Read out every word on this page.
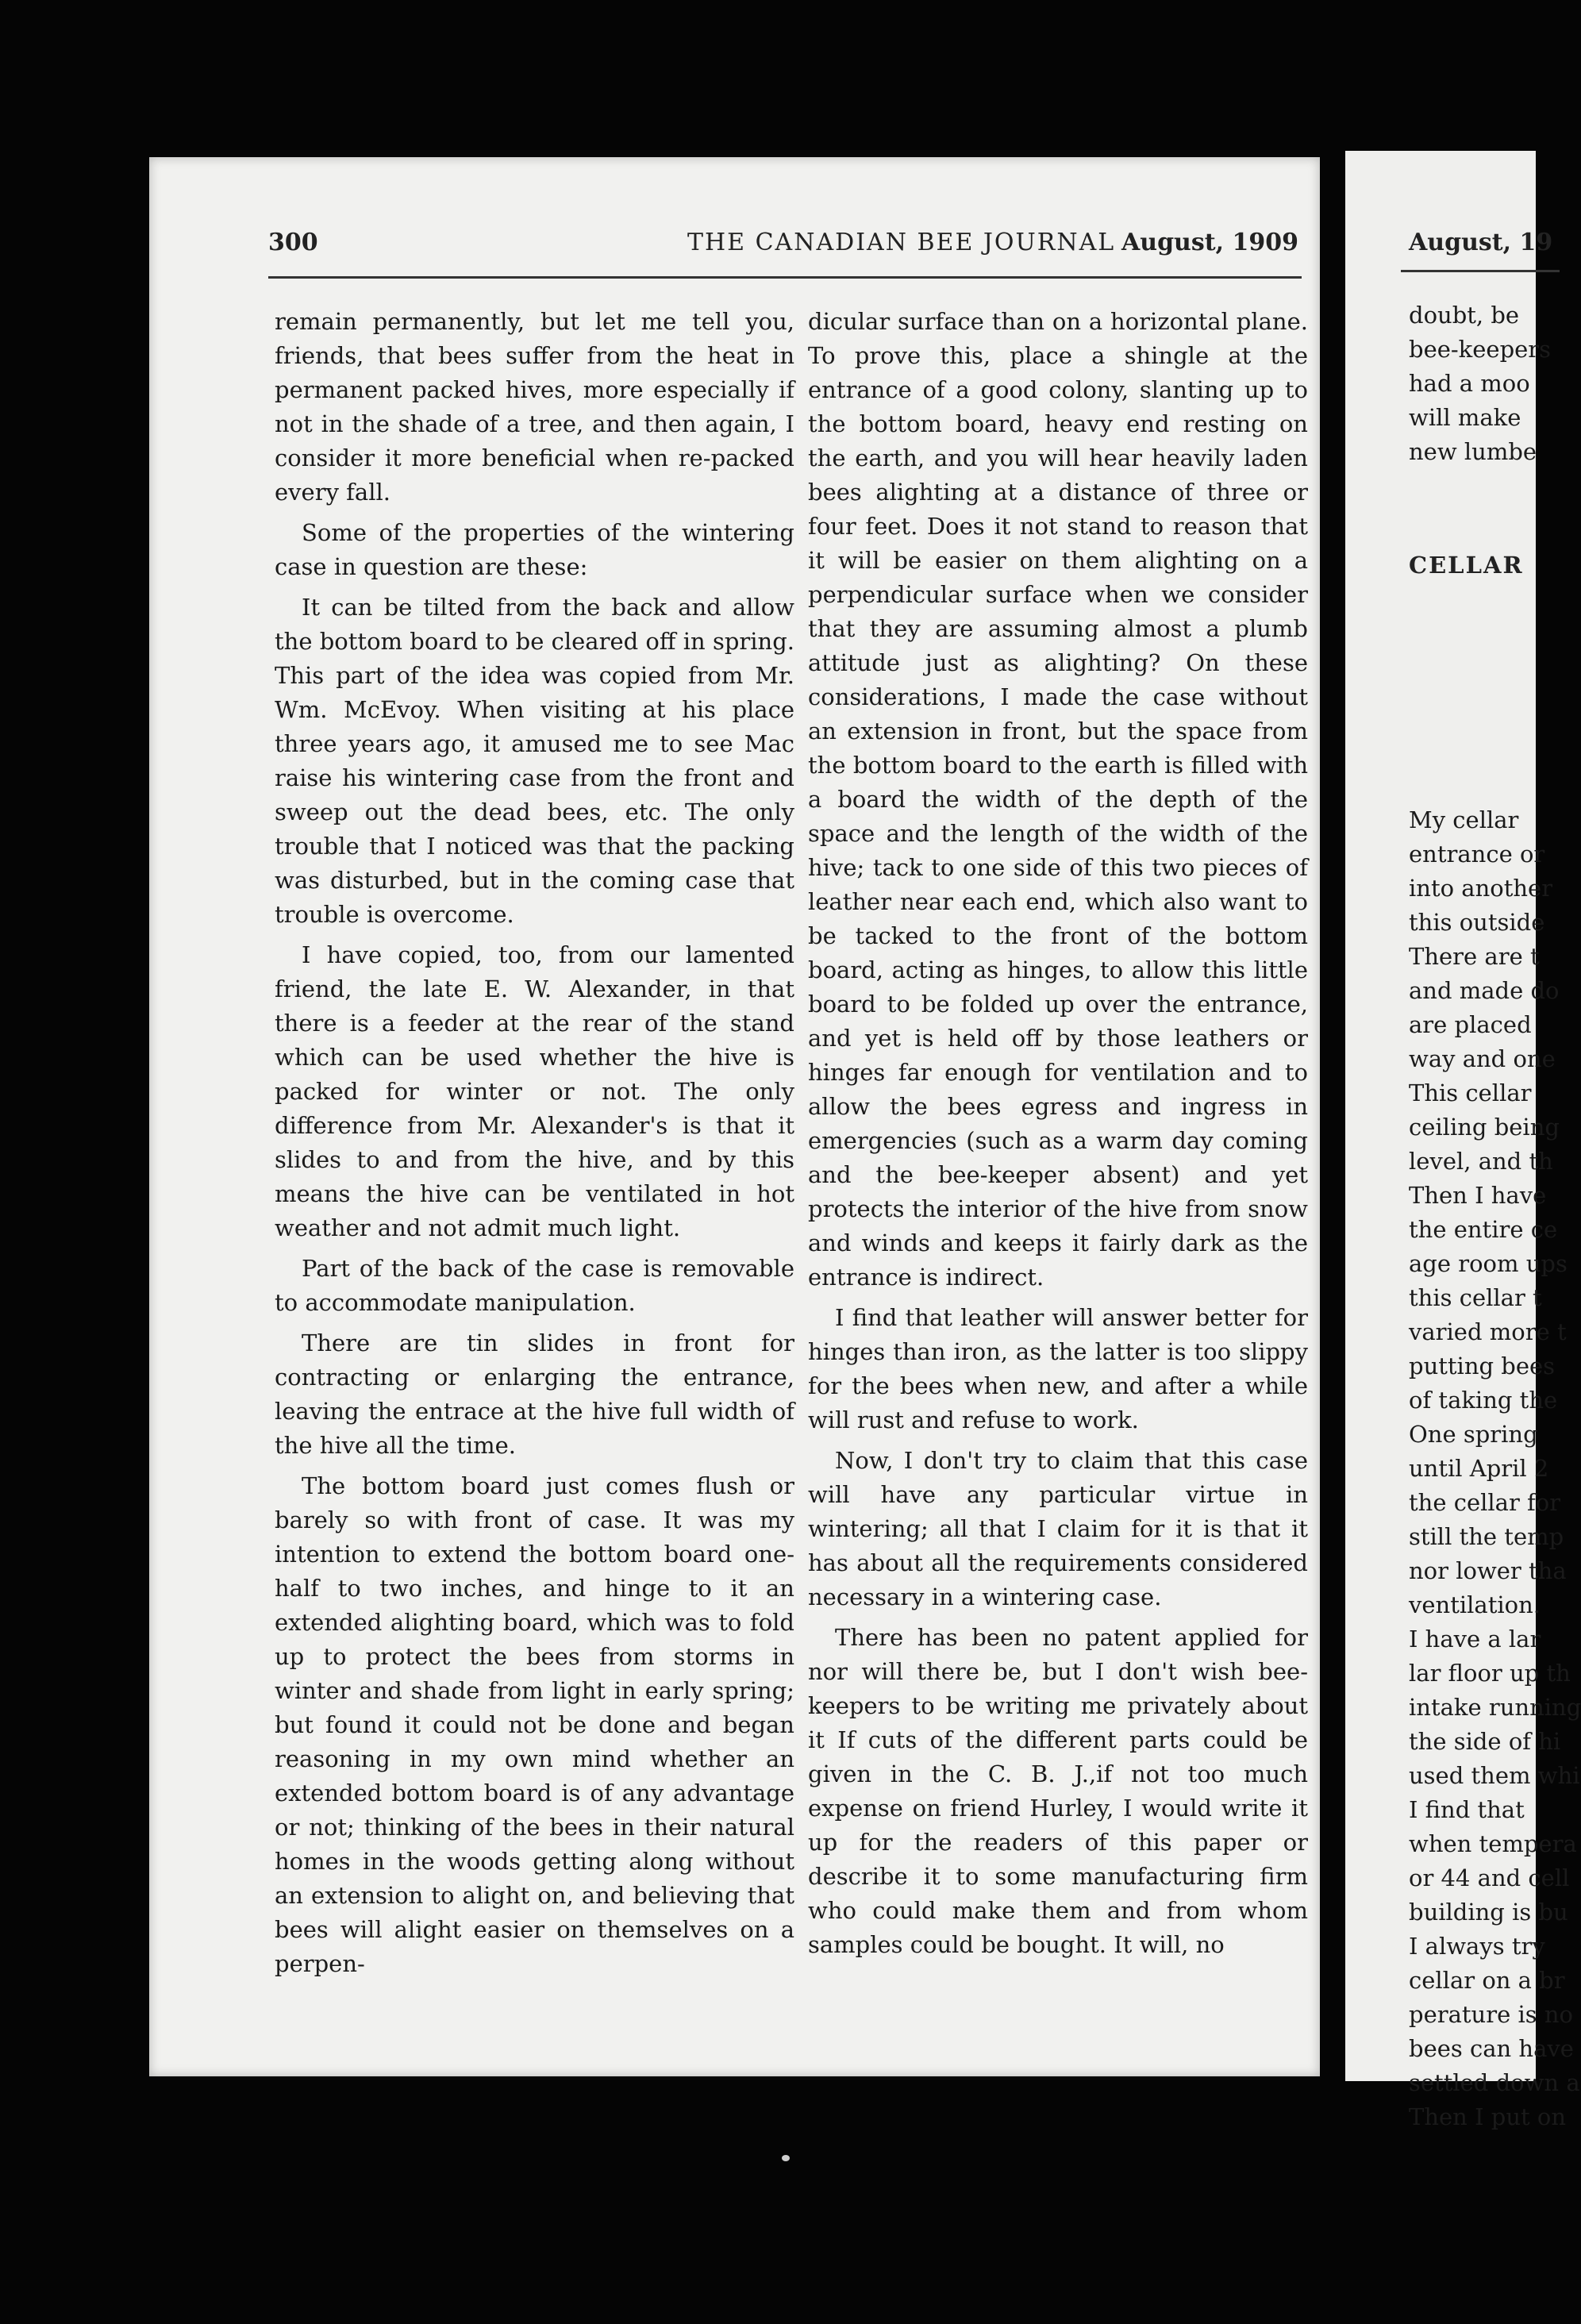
300	THE CANADIAN BEE JOURNAL August, 1909

remain permanently, but let me tell you, friends, that bees suffer from the heat in permanent packed hives, more especially if not in the shade of a tree, and then again, I consider it more beneficial when re-packed every fall.

Some of the properties of the wintering case in question are these:

It can be tilted from the back and allow the bottom board to be cleared off in spring. This part of the idea was copied from Mr. Wm. McEvoy. When visiting at his place three years ago, it amused me to see Mac raise his wintering case from the front and sweep out the dead bees, etc. The only trouble that I noticed was that the packing was disturbed, but in the coming case that trouble is overcome.

I have copied, too, from our lamented friend, the late E. W. Alexander, in that there is a feeder at the rear of the stand which can be used whether the hive is packed for winter or not. The only difference from Mr. Alexander's is that it slides to and from the hive, and by this means the hive can be ventilated in hot weather and not admit much light.

Part of the back of the case is removable to accommodate manipulation.

There are tin slides in front for contracting or enlarging the entrance, leaving the entrace at the hive full width of the hive all the time.

The bottom board just comes flush or barely so with front of case. It was my intention to extend the bottom board one-half to two inches, and hinge to it an extended alighting board, which was to fold up to protect the bees from storms in winter and shade from light in early spring; but found it could not be done and began reasoning in my own mind whether an extended bottom board is of any advantage or not; thinking of the bees in their natural homes in the woods getting along without an extension to alight on, and believing that bees will alight easier on themselves on a perpen-

dicular surface than on a horizontal plane. To prove this, place a shingle at the entrance of a good colony, slanting up to the bottom board, heavy end resting on the earth, and you will hear heavily laden bees alighting at a distance of three or four feet. Does it not stand to reason that it will be easier on them alighting on a perpendicular surface when we consider that they are assuming almost a plumb attitude just as alighting? On these considerations, I made the case without an extension in front, but the space from the bottom board to the earth is filled with a board the width of the depth of the space and the length of the width of the hive; tack to one side of this two pieces of leather near each end, which also want to be tacked to the front of the bottom board, acting as hinges, to allow this little board to be folded up over the entrance, and yet is held off by those leathers or hinges far enough for ventilation and to allow the bees egress and ingress in emergencies (such as a warm day coming and the bee-keeper absent) and yet protects the interior of the hive from snow and winds and keeps it fairly dark as the entrance is indirect.

I find that leather will answer better for hinges than iron, as the latter is too slippy for the bees when new, and after a while will rust and refuse to work.

Now, I don't try to claim that this case will have any particular virtue in wintering; all that I claim for it is that it has about all the requirements considered necessary in a wintering case.

There has been no patent applied for nor will there be, but I don't wish bee-keepers to be writing me privately about it If cuts of the different parts could be given in the C. B. J.,if not too much expense on friend Hurley, I would write it up for the readers of this paper or describe it to some manufacturing firm who could make them and from whom samples could be bought. It will, no

August, 19
doubt, be
bee-keepers
had a moo
will make
new lumbe
CELLAR
My cellar
entrance or
into another
this outside
There are t
and made do
are placed
way and one
This cellar
ceiling being
level, and th
Then I have
the entire ce
age room ups
this cellar t
varied more t
putting bees
of taking the
One spring
until April 2
the cellar for
still the temp
nor lower tha
ventilation.
I have a lar
lar floor up th
intake running
the side of hi
used them whi
I find that
when tempera
or 44 and cell
building is bu
I always try
cellar on a br
perature is no
bees can have
settled down a
Then I put on
